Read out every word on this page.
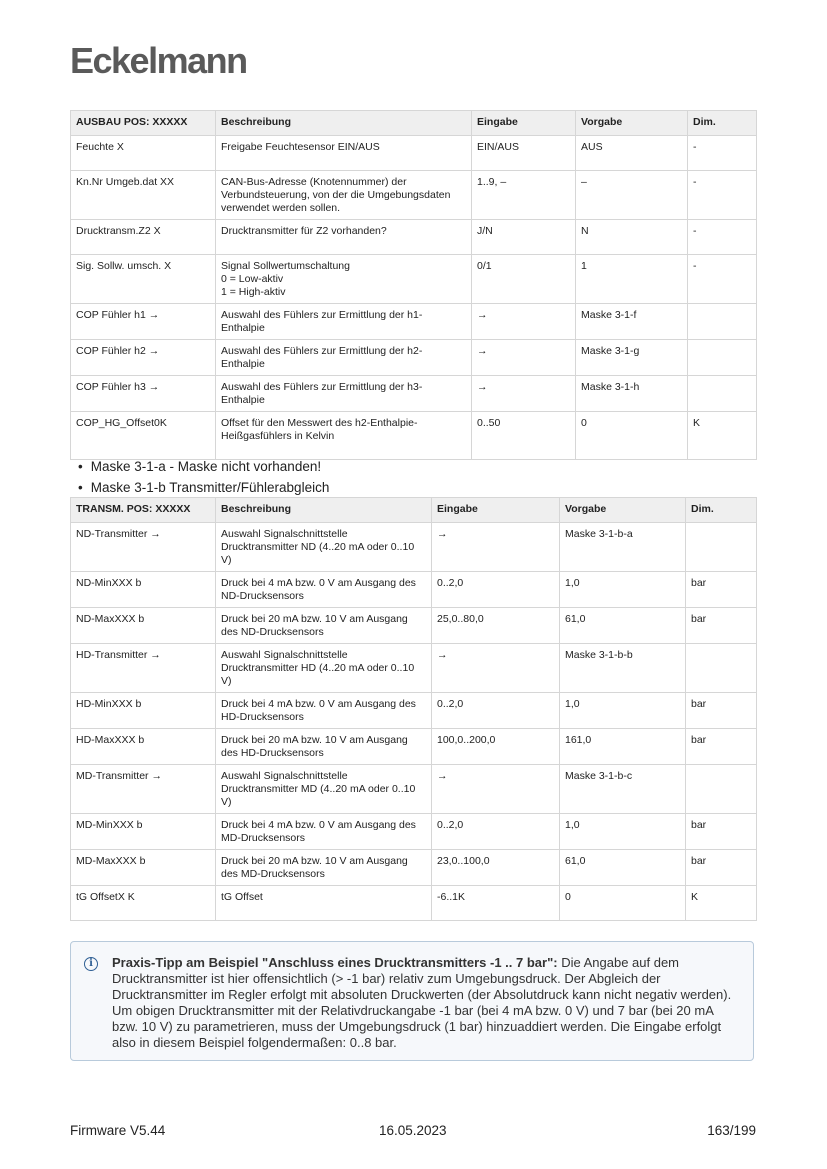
Eckelmann
AUSBAU POS: XXXXX	Beschreibung	Eingabe	Vorgabe	Dim.
Feuchte X	Freigabe Feuchtesensor EIN/AUS	EIN/AUS	AUS	-
Kn.Nr Umgeb.dat XX	CAN-Bus-Adresse (Knotennummer) der Verbundsteuerung, von der die Umgebungsdaten verwendet werden sollen.	1..9, –	–	-
Drucktransm.Z2 X	Drucktransmitter für Z2 vorhanden?	J/N	N	-
Sig. Sollw. umsch. X	Signal Sollwertumschaltung
0 = Low-aktiv
1 = High-aktiv	0/1	1	-
COP Fühler h1 →	Auswahl des Fühlers zur Ermittlung der h1-Enthalpie	→	Maske 3-1-f	
COP Fühler h2 →	Auswahl des Fühlers zur Ermittlung der h2-Enthalpie	→	Maske 3-1-g	
COP Fühler h3 →	Auswahl des Fühlers zur Ermittlung der h3-Enthalpie	→	Maske 3-1-h	
COP_HG_Offset0K	Offset für den Messwert des h2-Enthalpie-Heißgasfühlers in Kelvin	0..50	0	K
• Maske 3-1-a - Maske nicht vorhanden!
• Maske 3-1-b Transmitter/Fühlerabgleich
TRANSM. POS: XXXXX	Beschreibung	Eingabe	Vorgabe	Dim.
ND-Transmitter →	Auswahl Signalschnittstelle Drucktransmitter ND (4..20 mA oder 0..10 V)	→	Maske 3-1-b-a	
ND-MinXXX b	Druck bei 4 mA bzw. 0 V am Ausgang des ND-Drucksensors	0..2,0	1,0	bar
ND-MaxXXX b	Druck bei 20 mA bzw. 10 V am Ausgang des ND-Drucksensors	25,0..80,0	61,0	bar
HD-Transmitter →	Auswahl Signalschnittstelle Drucktransmitter HD (4..20 mA oder 0..10 V)	→	Maske 3-1-b-b	
HD-MinXXX b	Druck bei 4 mA bzw. 0 V am Ausgang des HD-Drucksensors	0..2,0	1,0	bar
HD-MaxXXX b	Druck bei 20 mA bzw. 10 V am Ausgang des HD-Drucksensors	100,0..200,0	161,0	bar
MD-Transmitter →	Auswahl Signalschnittstelle Drucktransmitter MD (4..20 mA oder 0..10 V)	→	Maske 3-1-b-c	
MD-MinXXX b	Druck bei 4 mA bzw. 0 V am Ausgang des MD-Drucksensors	0..2,0	1,0	bar
MD-MaxXXX b	Druck bei 20 mA bzw. 10 V am Ausgang des MD-Drucksensors	23,0..100,0	61,0	bar
tG OffsetX K	tG Offset	-6..1K	0	K
i	Praxis-Tipp am Beispiel "Anschluss eines Drucktransmitters -1 .. 7 bar": Die Angabe auf dem Drucktransmitter ist hier offensichtlich (> -1 bar) relativ zum Umgebungsdruck. Der Abgleich der Drucktransmitter im Regler erfolgt mit absoluten Druckwerten (der Absolutdruck kann nicht negativ werden). Um obigen Drucktransmitter mit der Relativdruckangabe -1 bar (bei 4 mA bzw. 0 V) und 7 bar (bei 20 mA bzw. 10 V) zu parametrieren, muss der Umgebungsdruck (1 bar) hinzuaddiert werden. Die Eingabe erfolgt also in diesem Beispiel folgendermaßen: 0..8 bar.
Firmware V5.44	16.05.2023	163/199
